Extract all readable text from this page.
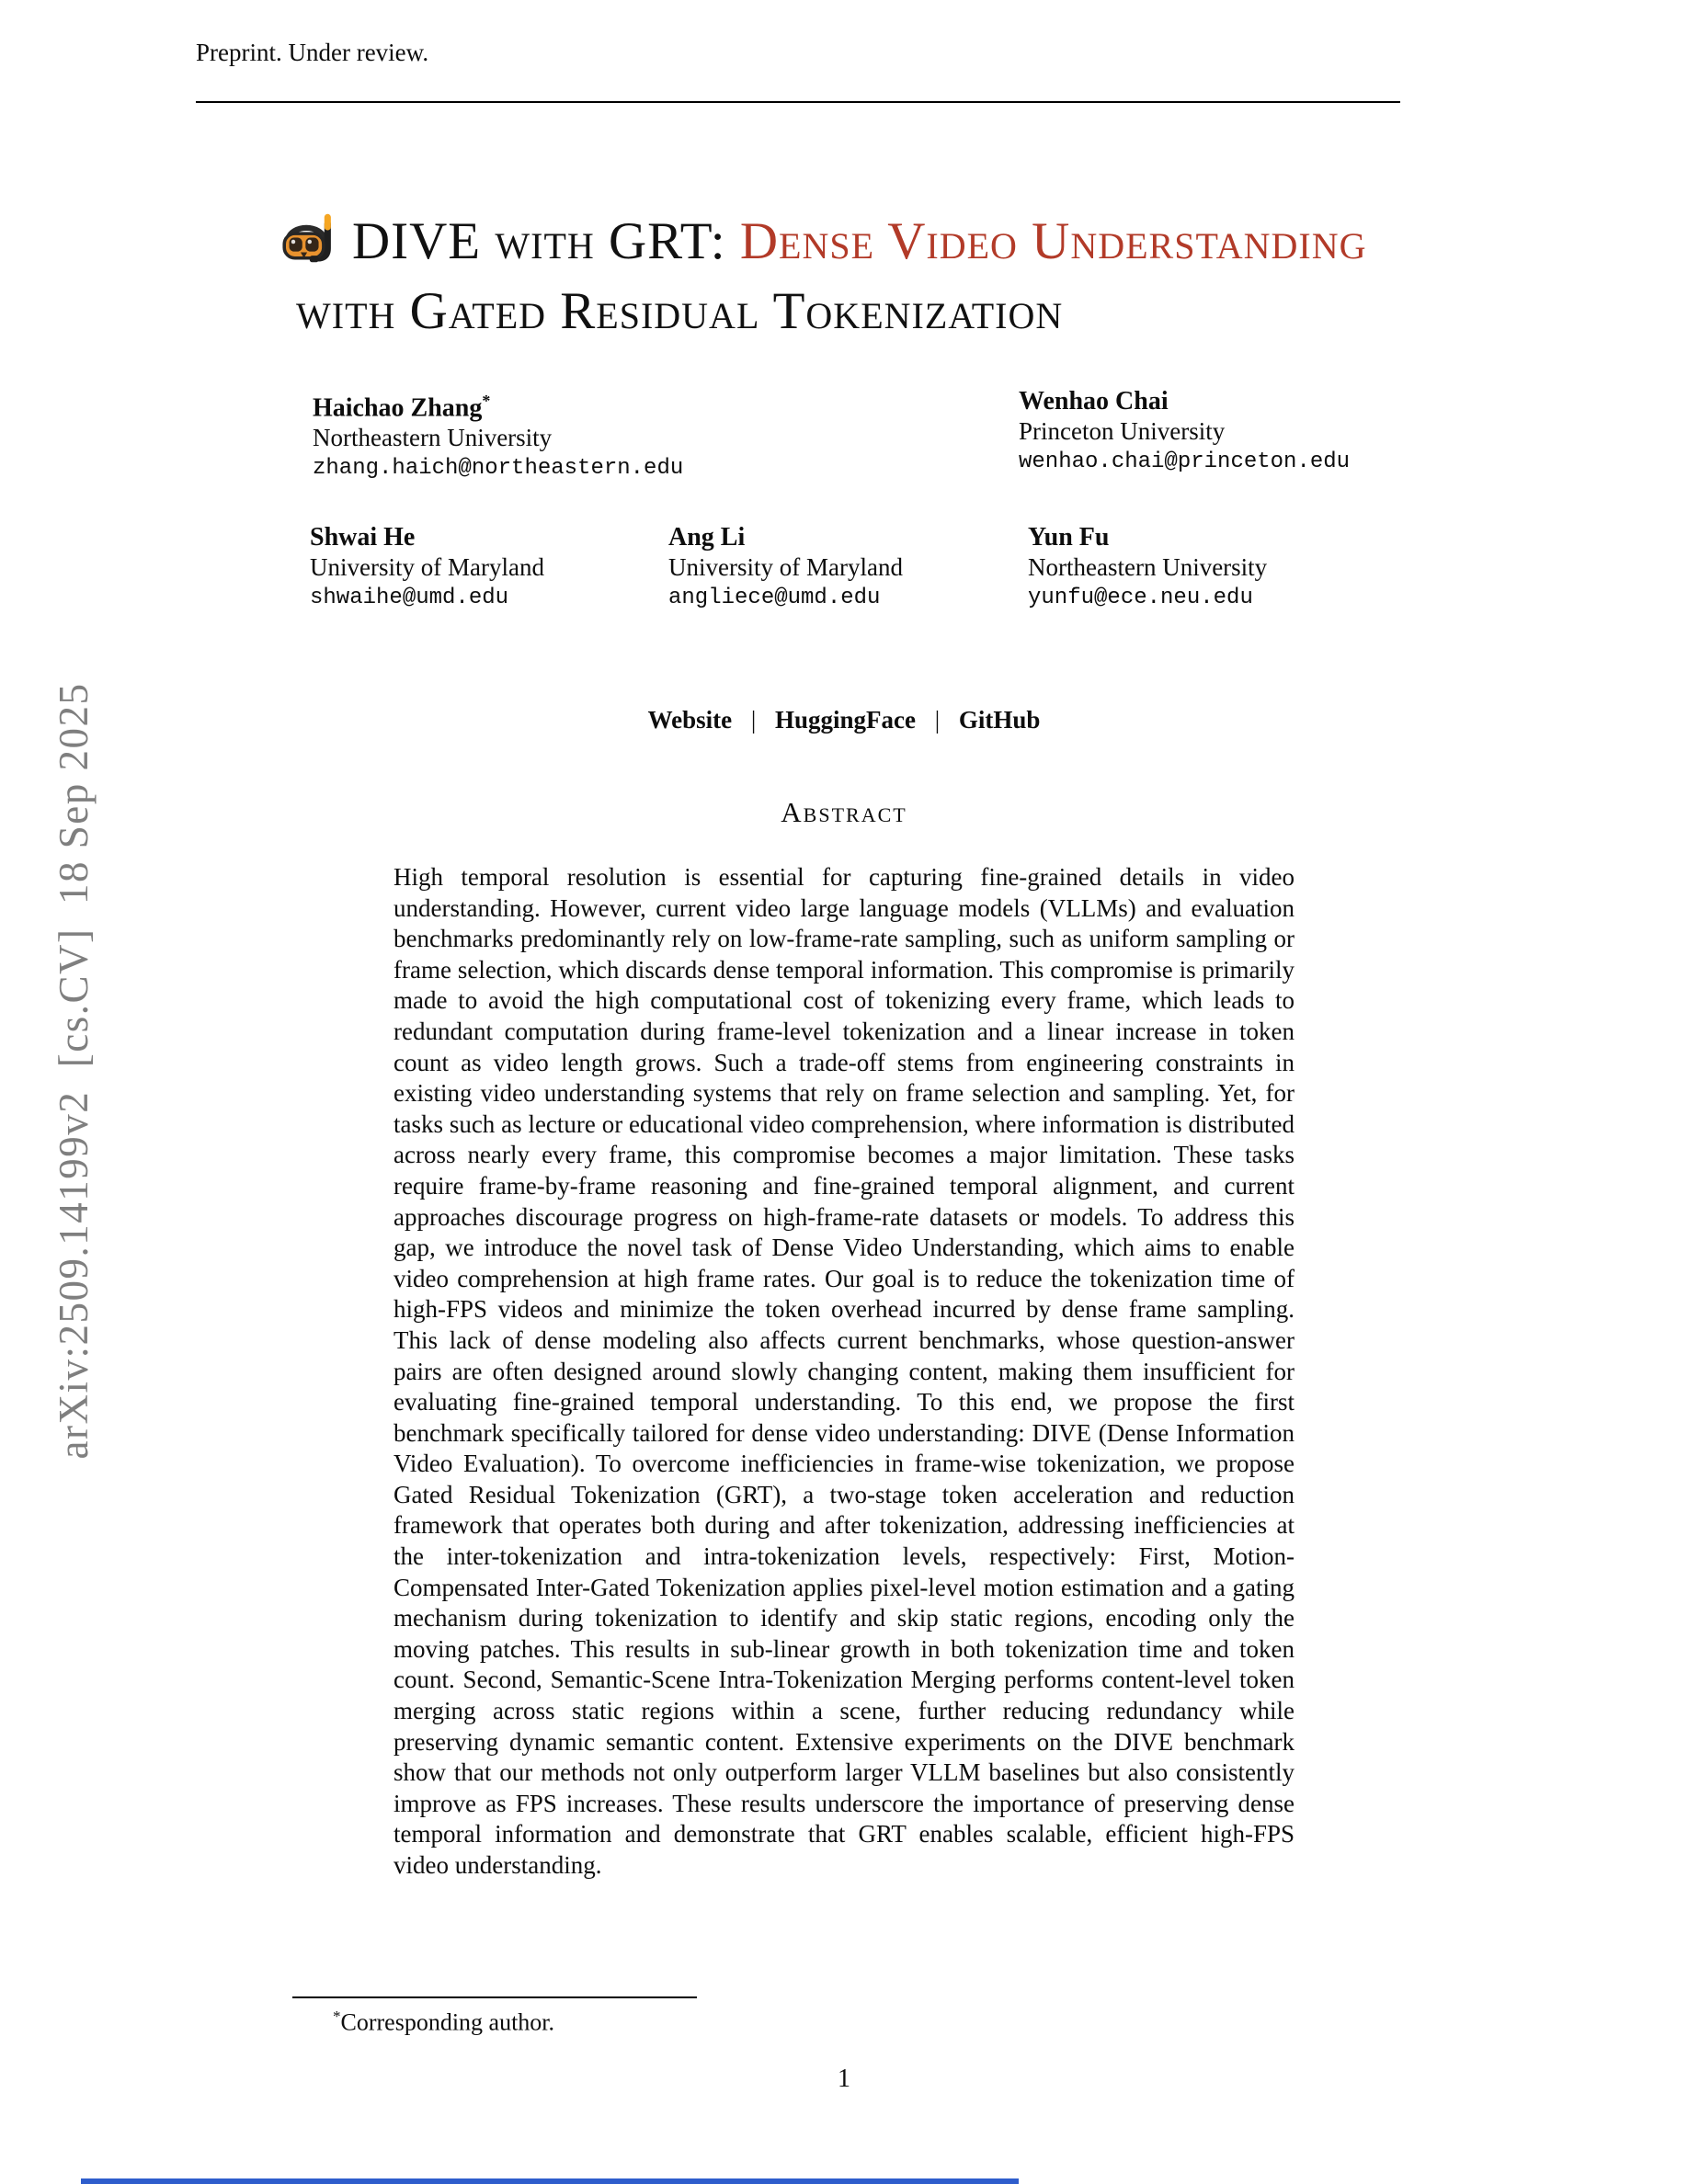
Preprint. Under review.
arXiv:2509.14199v2  [cs.CV]  18 Sep 2025
DIVE with GRT: Dense Video Understanding
with Gated Residual Tokenization
Haichao Zhang*
Northeastern University
zhang.haich@northeastern.edu
Wenhao Chai
Princeton University
wenhao.chai@princeton.edu
Shwai He
University of Maryland
shwaihe@umd.edu
Ang Li
University of Maryland
angliece@umd.edu
Yun Fu
Northeastern University
yunfu@ece.neu.edu
Website | HuggingFace | GitHub
Abstract
High temporal resolution is essential for capturing fine-grained details in video understanding. However, current video large language models (VLLMs) and evaluation benchmarks predominantly rely on low-frame-rate sampling, such as uniform sampling or frame selection, which discards dense temporal information. This compromise is primarily made to avoid the high computational cost of tokenizing every frame, which leads to redundant computation during frame-level tokenization and a linear increase in token count as video length grows. Such a trade-off stems from engineering constraints in existing video understanding systems that rely on frame selection and sampling. Yet, for tasks such as lecture or educational video comprehension, where information is distributed across nearly every frame, this compromise becomes a major limitation. These tasks require frame-by-frame reasoning and fine-grained temporal alignment, and current approaches discourage progress on high-frame-rate datasets or models. To address this gap, we introduce the novel task of Dense Video Understanding, which aims to enable video comprehension at high frame rates. Our goal is to reduce the tokenization time of high-FPS videos and minimize the token overhead incurred by dense frame sampling. This lack of dense modeling also affects current benchmarks, whose question-answer pairs are often designed around slowly changing content, making them insufficient for evaluating fine-grained temporal understanding. To this end, we propose the first benchmark specifically tailored for dense video understanding: DIVE (Dense Information Video Evaluation). To overcome inefficiencies in frame-wise tokenization, we propose Gated Residual Tokenization (GRT), a two-stage token acceleration and reduction framework that operates both during and after tokenization, addressing inefficiencies at the inter-tokenization and intra-tokenization levels, respectively: First, Motion-Compensated Inter-Gated Tokenization applies pixel-level motion estimation and a gating mechanism during tokenization to identify and skip static regions, encoding only the moving patches. This results in sub-linear growth in both tokenization time and token count. Second, Semantic-Scene Intra-Tokenization Merging performs content-level token merging across static regions within a scene, further reducing redundancy while preserving dynamic semantic content. Extensive experiments on the DIVE benchmark show that our methods not only outperform larger VLLM baselines but also consistently improve as FPS increases. These results underscore the importance of preserving dense temporal information and demonstrate that GRT enables scalable, efficient high-FPS video understanding.
*Corresponding author.
1
